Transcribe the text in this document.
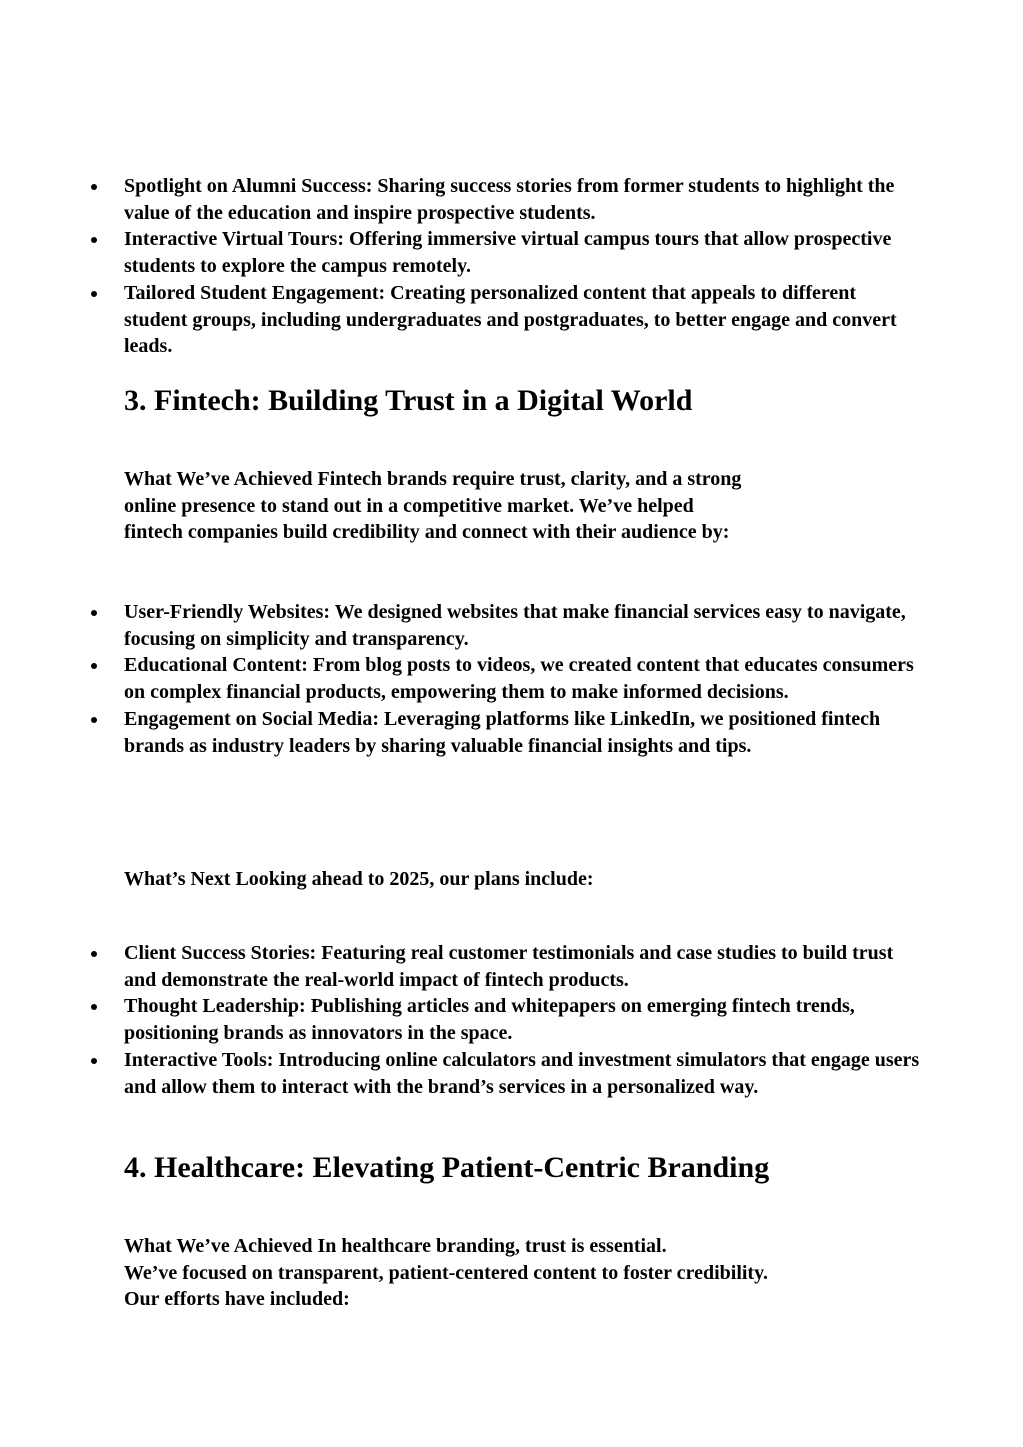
Spotlight on Alumni Success: Sharing success stories from former students to highlight the value of the education and inspire prospective students.
Interactive Virtual Tours: Offering immersive virtual campus tours that allow prospective students to explore the campus remotely.
Tailored Student Engagement: Creating personalized content that appeals to different student groups, including undergraduates and postgraduates, to better engage and convert leads.
3. Fintech: Building Trust in a Digital World

What We’ve Achieved Fintech brands require trust, clarity, and a strong
online presence to stand out in a competitive market. We’ve helped
fintech companies build credibility and connect with their audience by:

User-Friendly Websites: We designed websites that make financial services easy to navigate, focusing on simplicity and transparency.
Educational Content: From blog posts to videos, we created content that educates consumers on complex financial products, empowering them to make informed decisions.
Engagement on Social Media: Leveraging platforms like LinkedIn, we positioned fintech brands as industry leaders by sharing valuable financial insights and tips.

What’s Next Looking ahead to 2025, our plans include:

Client Success Stories: Featuring real customer testimonials and case studies to build trust and demonstrate the real-world impact of fintech products.
Thought Leadership: Publishing articles and whitepapers on emerging fintech trends, positioning brands as innovators in the space.
Interactive Tools: Introducing online calculators and investment simulators that engage users and allow them to interact with the brand’s services in a personalized way.
4. Healthcare: Elevating Patient-Centric Branding

What We’ve Achieved In healthcare branding, trust is essential.
We’ve focused on transparent, patient-centered content to foster credibility.
Our efforts have included:
